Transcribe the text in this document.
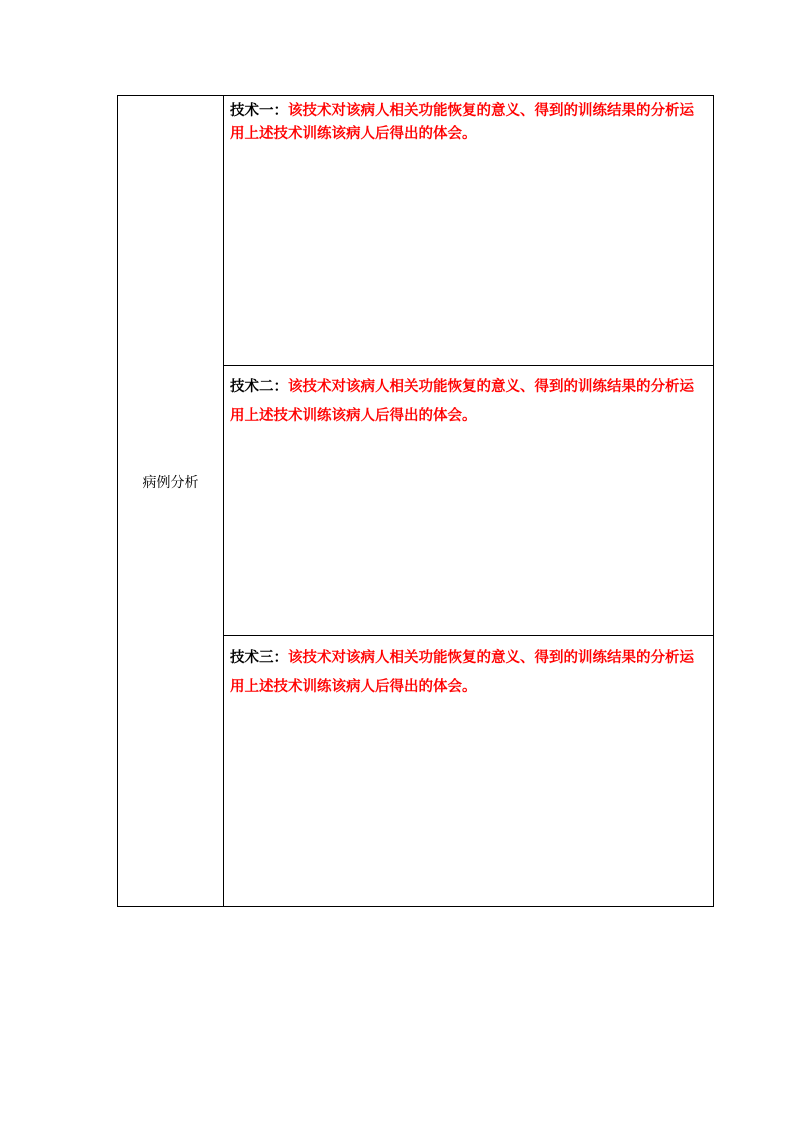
病例分析
技术一：该技术对该病人相关功能恢复的意义、得到的训练结果的分析运用上述技术训练该病人后得出的体会。
技术二：该技术对该病人相关功能恢复的意义、得到的训练结果的分析运用上述技术训练该病人后得出的体会。
技术三：该技术对该病人相关功能恢复的意义、得到的训练结果的分析运用上述技术训练该病人后得出的体会。
